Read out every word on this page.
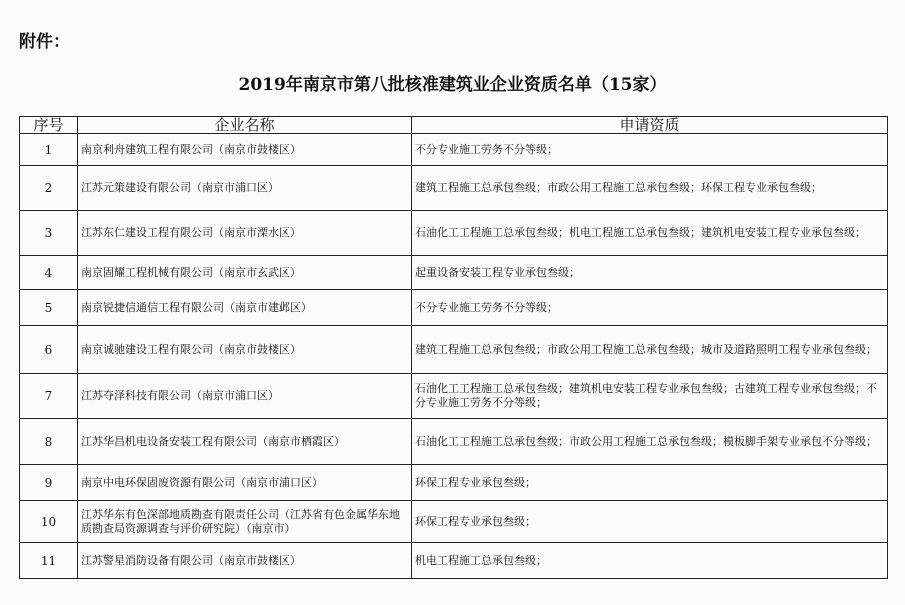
附件：
2019年南京市第八批核准建筑业企业资质名单（15家）
序号	企业名称	申请资质
1	南京利舟建筑工程有限公司（南京市鼓楼区）	不分专业施工劳务不分等级；
2	江苏元策建设有限公司（南京市浦口区）	建筑工程施工总承包叁级；市政公用工程施工总承包叁级；环保工程专业承包叁级；
3	江苏东仁建设工程有限公司（南京市溧水区）	石油化工工程施工总承包叁级；机电工程施工总承包叁级；建筑机电安装工程专业承包叁级；
4	南京固耀工程机械有限公司（南京市玄武区）	起重设备安装工程专业承包叁级；
5	南京锐捷信通信工程有限公司（南京市建邺区）	不分专业施工劳务不分等级；
6	南京诚驰建设工程有限公司（南京市鼓楼区）	建筑工程施工总承包叁级；市政公用工程施工总承包叁级；城市及道路照明工程专业承包叁级；
7	江苏夺泽科技有限公司（南京市浦口区）	石油化工工程施工总承包叁级；建筑机电安装工程专业承包叁级；古建筑工程专业承包叁级；不分专业施工劳务不分等级；
8	江苏华昌机电设备安装工程有限公司（南京市栖霞区）	石油化工工程施工总承包叁级；市政公用工程施工总承包叁级；模板脚手架专业承包不分等级；
9	南京中电环保固废资源有限公司（南京市浦口区）	环保工程专业承包叁级；
10	江苏华东有色深部地质勘查有限责任公司（江苏省有色金属华东地质勘查局资源调查与评价研究院）（南京市）	环保工程专业承包叁级；
11	江苏警星消防设备有限公司（南京市鼓楼区）	机电工程施工总承包叁级；
